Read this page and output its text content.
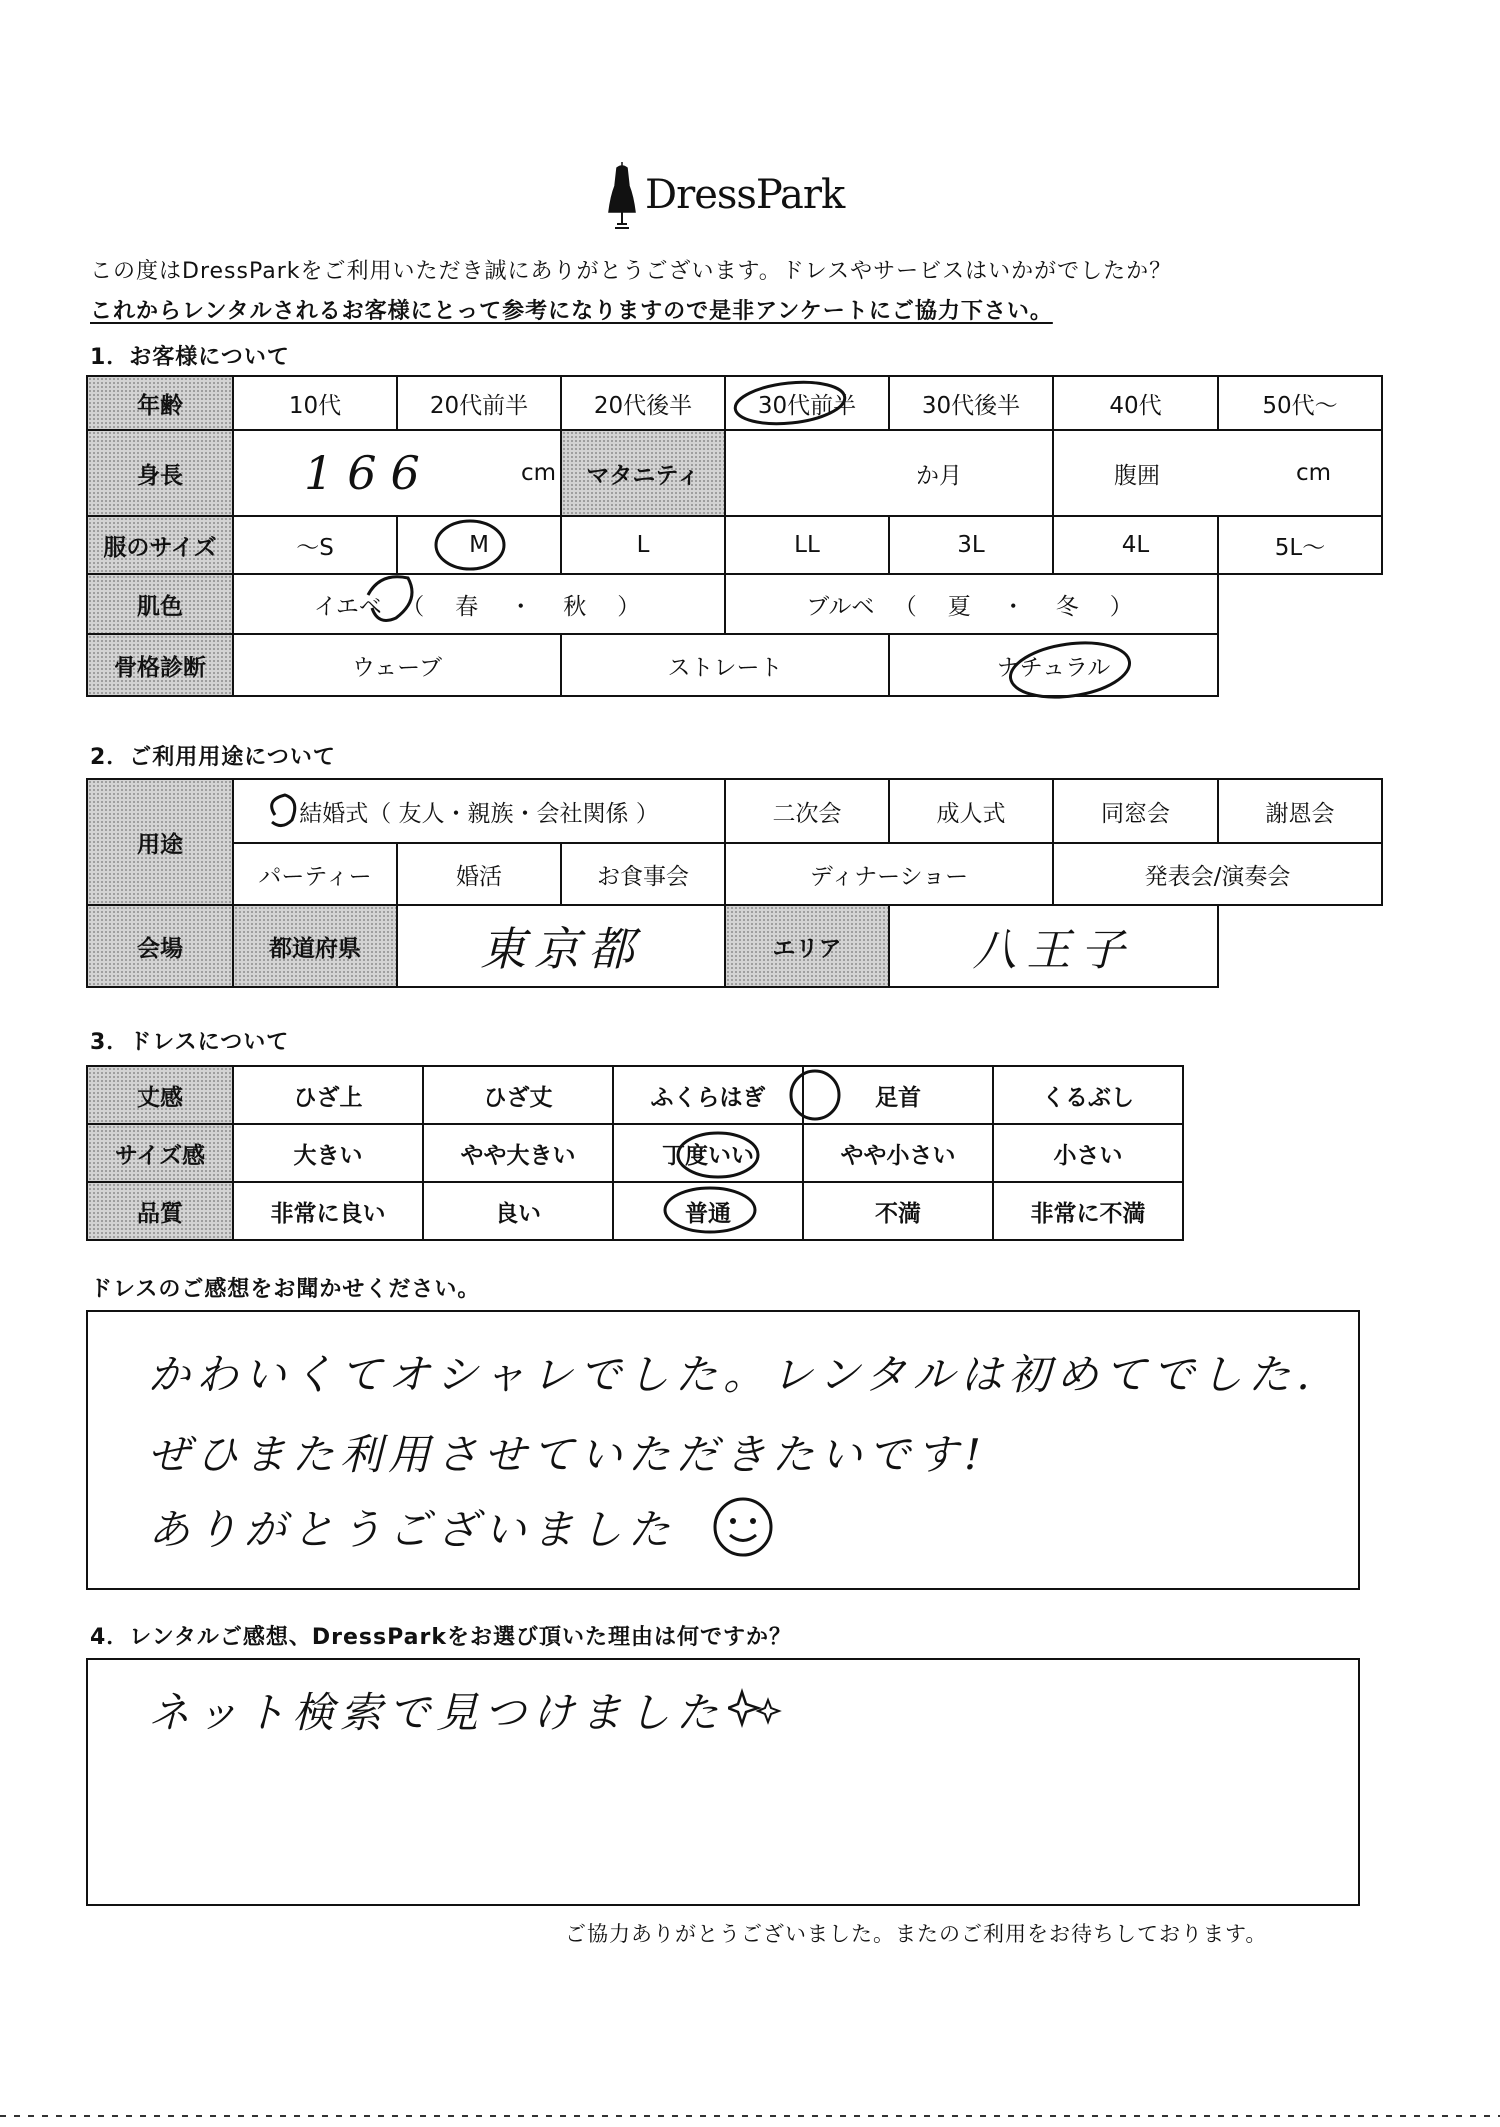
DressPark
この度はDressParkをご利用いただき誠にありがとうございます。ドレスやサービスはいかがでしたか？
これからレンタルされるお客様にとって参考になりますので是非アンケートにご協力下さい。
1．お客様について
年齢	10代	20代前半	20代後半	30代前半	30代後半	40代	50代～
身長	166 cm		マタニティ	か月		腹囲 cm	

服のサイズ	～S	M	L	LL	3L	4L	5L～
肌色	イエベ （　春　・　秋　）			ブルベ （　夏　・　冬　）			
骨格診断	ウェーブ		ストレート		ナチュラル		
2．ご利用用途について
用途	結婚式（ 友人・親族・会社関係 ）			二次会	成人式	同窓会	謝恩会
	パーティー	婚活	お食事会	ディナーショー		発表会/演奏会	
会場	都道府県	東京都		エリア	八王子		
3．ドレスについて
丈感	ひざ上	ひざ丈	ふくらはぎ	足首	くるぶし
サイズ感	大きい	やや大きい	丁度いい	やや小さい	小さい
品質	非常に良い	良い	普通	不満	非常に不満
ドレスのご感想をお聞かせください。
かわいくてオシャレでした。レンタルは初めてでした.
ぜひまた利用させていただきたいです!
ありがとうございました
4．レンタルご感想、DressParkをお選び頂いた理由は何ですか？
ネット検索で見つけました
ご協力ありがとうございました。またのご利用をお待ちしております。
